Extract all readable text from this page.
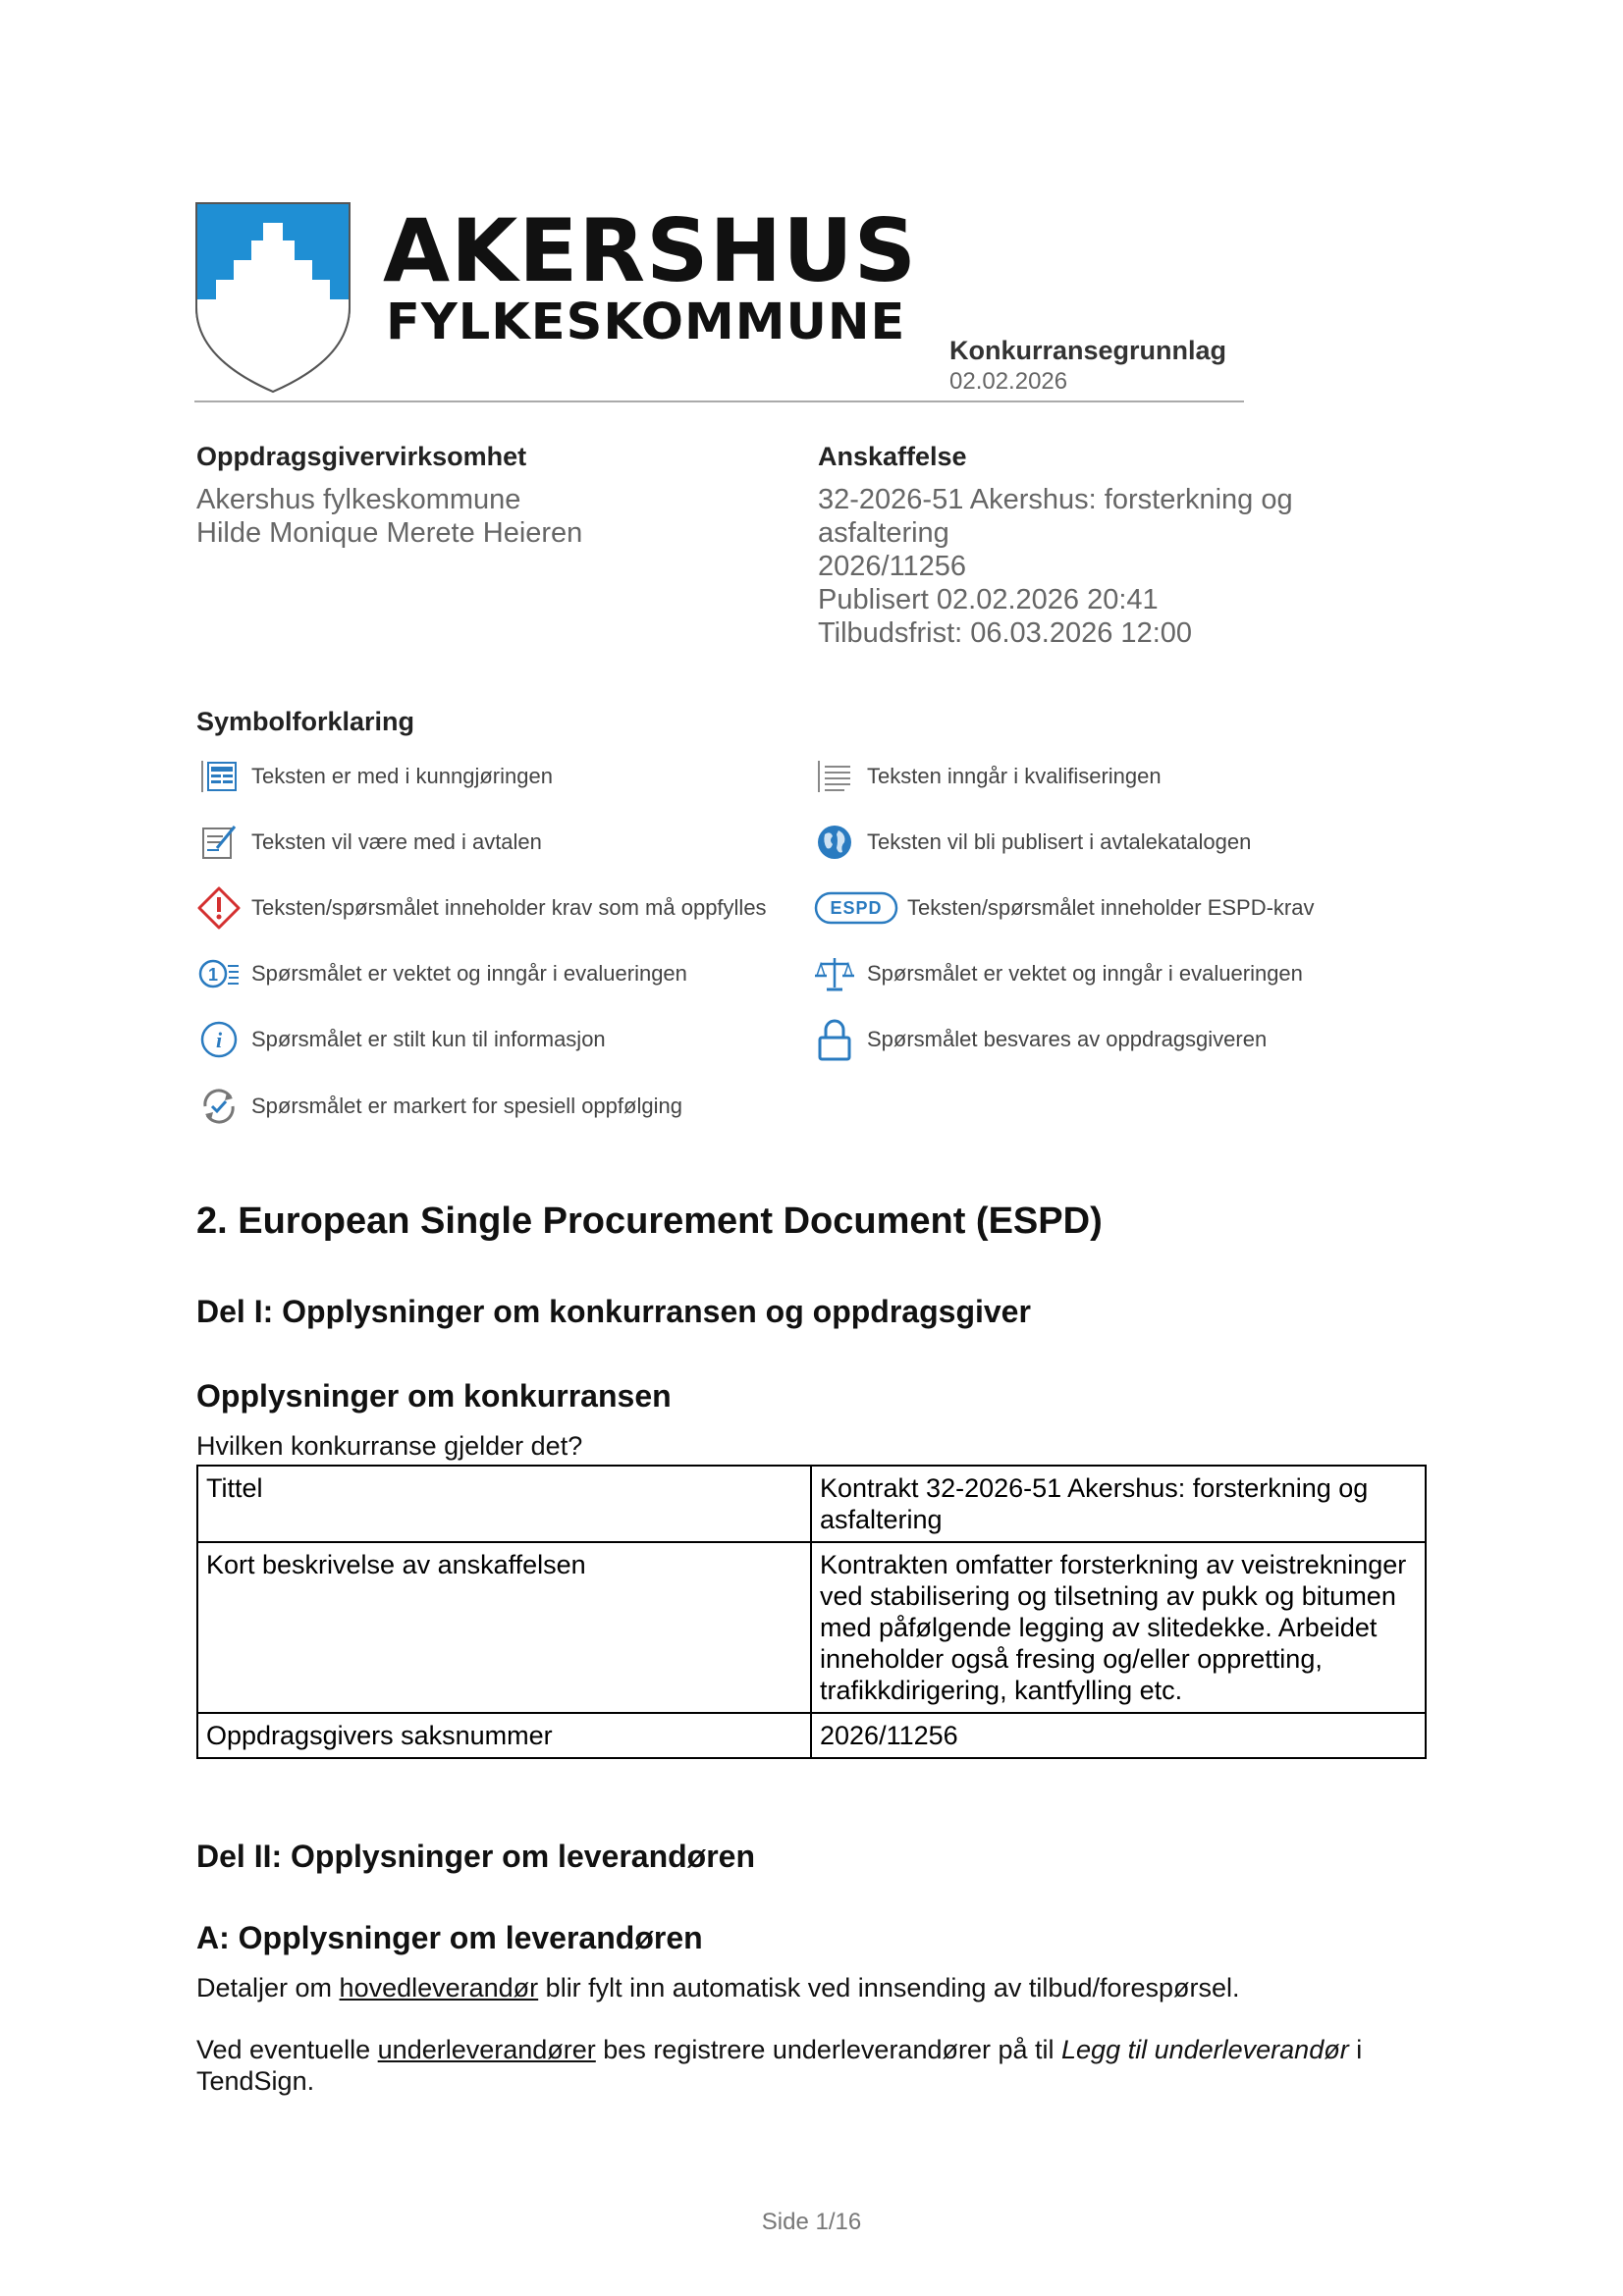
AKERSHUS
FYLKESKOMMUNE Konkurransegrunnlag
02.02.2026
Oppdragsgivervirksomhet
Akershus fylkeskommune
Hilde Monique Merete Heieren
Anskaffelse
32-2026-51 Akershus: forsterkning og
asfaltering
2026/11256
Publisert 02.02.2026 20:41
Tilbudsfrist: 06.03.2026 12:00
Symbolforklaring
Teksten er med i kunngjøringen
Teksten vil være med i avtalen
Teksten/spørsmålet inneholder krav som må oppfylles
1 Spørsmålet er vektet og inngår i evalueringen
i Spørsmålet er stilt kun til informasjon
Spørsmålet er markert for spesiell oppfølging
Teksten inngår i kvalifiseringen
Teksten vil bli publisert i avtalekatalogen
ESPD Teksten/spørsmålet inneholder ESPD-krav
Spørsmålet er vektet og inngår i evalueringen
Spørsmålet besvares av oppdragsgiveren
2. European Single Procurement Document (ESPD)
Del I: Opplysninger om konkurransen og oppdragsgiver
Opplysninger om konkurransen
Hvilken konkurranse gjelder det?
Tittel	Kontrakt 32-2026-51 Akershus: forsterkning og asfaltering
Kort beskrivelse av anskaffelsen	Kontrakten omfatter forsterkning av veistrekninger ved stabilisering og tilsetning av pukk og bitumen med påfølgende legging av slitedekke. Arbeidet inneholder også fresing og/eller oppretting, trafikkdirigering, kantfylling etc.
Oppdragsgivers saksnummer	2026/11256
Del II: Opplysninger om leverandøren
A: Opplysninger om leverandøren
Detaljer om hovedleverandør blir fylt inn automatisk ved innsending av tilbud/forespørsel.
Ved eventuelle underleverandører bes registrere underleverandører på til Legg til underleverandør i
TendSign.
Side 1/16
